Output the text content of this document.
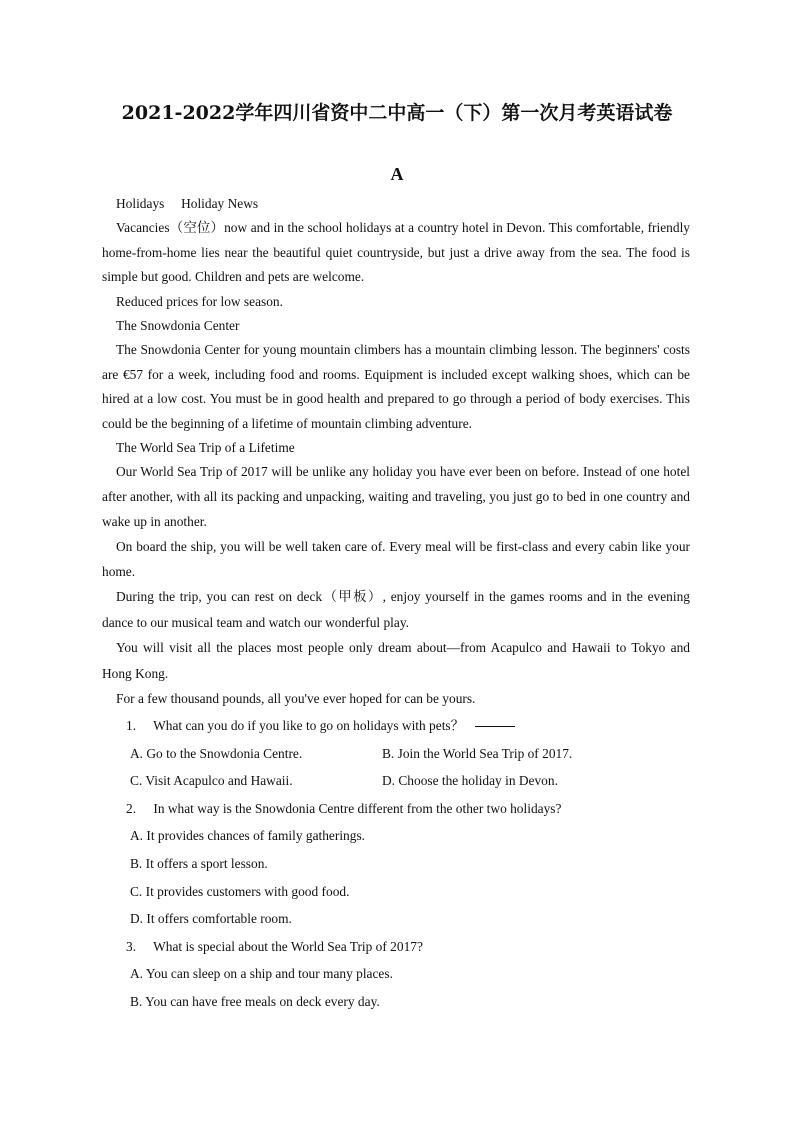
2021-2022学年四川省资中二中高一（下）第一次月考英语试卷
A

Holidays     Holiday News

Vacancies（空位）now and in the school holidays at a country hotel in Devon. This comfortable, friendly home-from-home lies near the beautiful quiet countryside, but just a drive away from the sea. The food is simple but good. Children and pets are welcome.

Reduced prices for low season.

The Snowdonia Center

The Snowdonia Center for young mountain climbers has a mountain climbing lesson. The beginners' costs are €57 for a week, including food and rooms. Equipment is included except walking shoes, which can be hired at a low cost. You must be in good health and prepared to go through a period of body exercises. This could be the beginning of a lifetime of mountain climbing adventure.

The World Sea Trip of a Lifetime

Our World Sea Trip of 2017 will be unlike any holiday you have ever been on before. Instead of one hotel after another, with all its packing and unpacking, waiting and traveling, you just go to bed in one country and wake up in another.

On board the ship, you will be well taken care of. Every meal will be first-class and every cabin like your home.

During the trip, you can rest on deck（甲板）, enjoy yourself in the games rooms and in the evening dance to our musical team and watch our wonderful play.

You will visit all the places most people only dream about—from Acapulco and Hawaii to Tokyo and Hong Kong.

For a few thousand pounds, all you've ever hoped for can be yours.

1. What can you do if you like to go on holidays with pets？

A. Go to the Snowdonia Centre.	B. Join the World Sea Trip of 2017.
C. Visit Acapulco and Hawaii.	D. Choose the holiday in Devon.

2. In what way is the Snowdonia Centre different from the other two holidays?

A. It provides chances of family gatherings.

B. It offers a sport lesson.

C. It provides customers with good food.

D. It offers comfortable room.

3. What is special about the World Sea Trip of 2017?

A. You can sleep on a ship and tour many places.

B. You can have free meals on deck every day.
